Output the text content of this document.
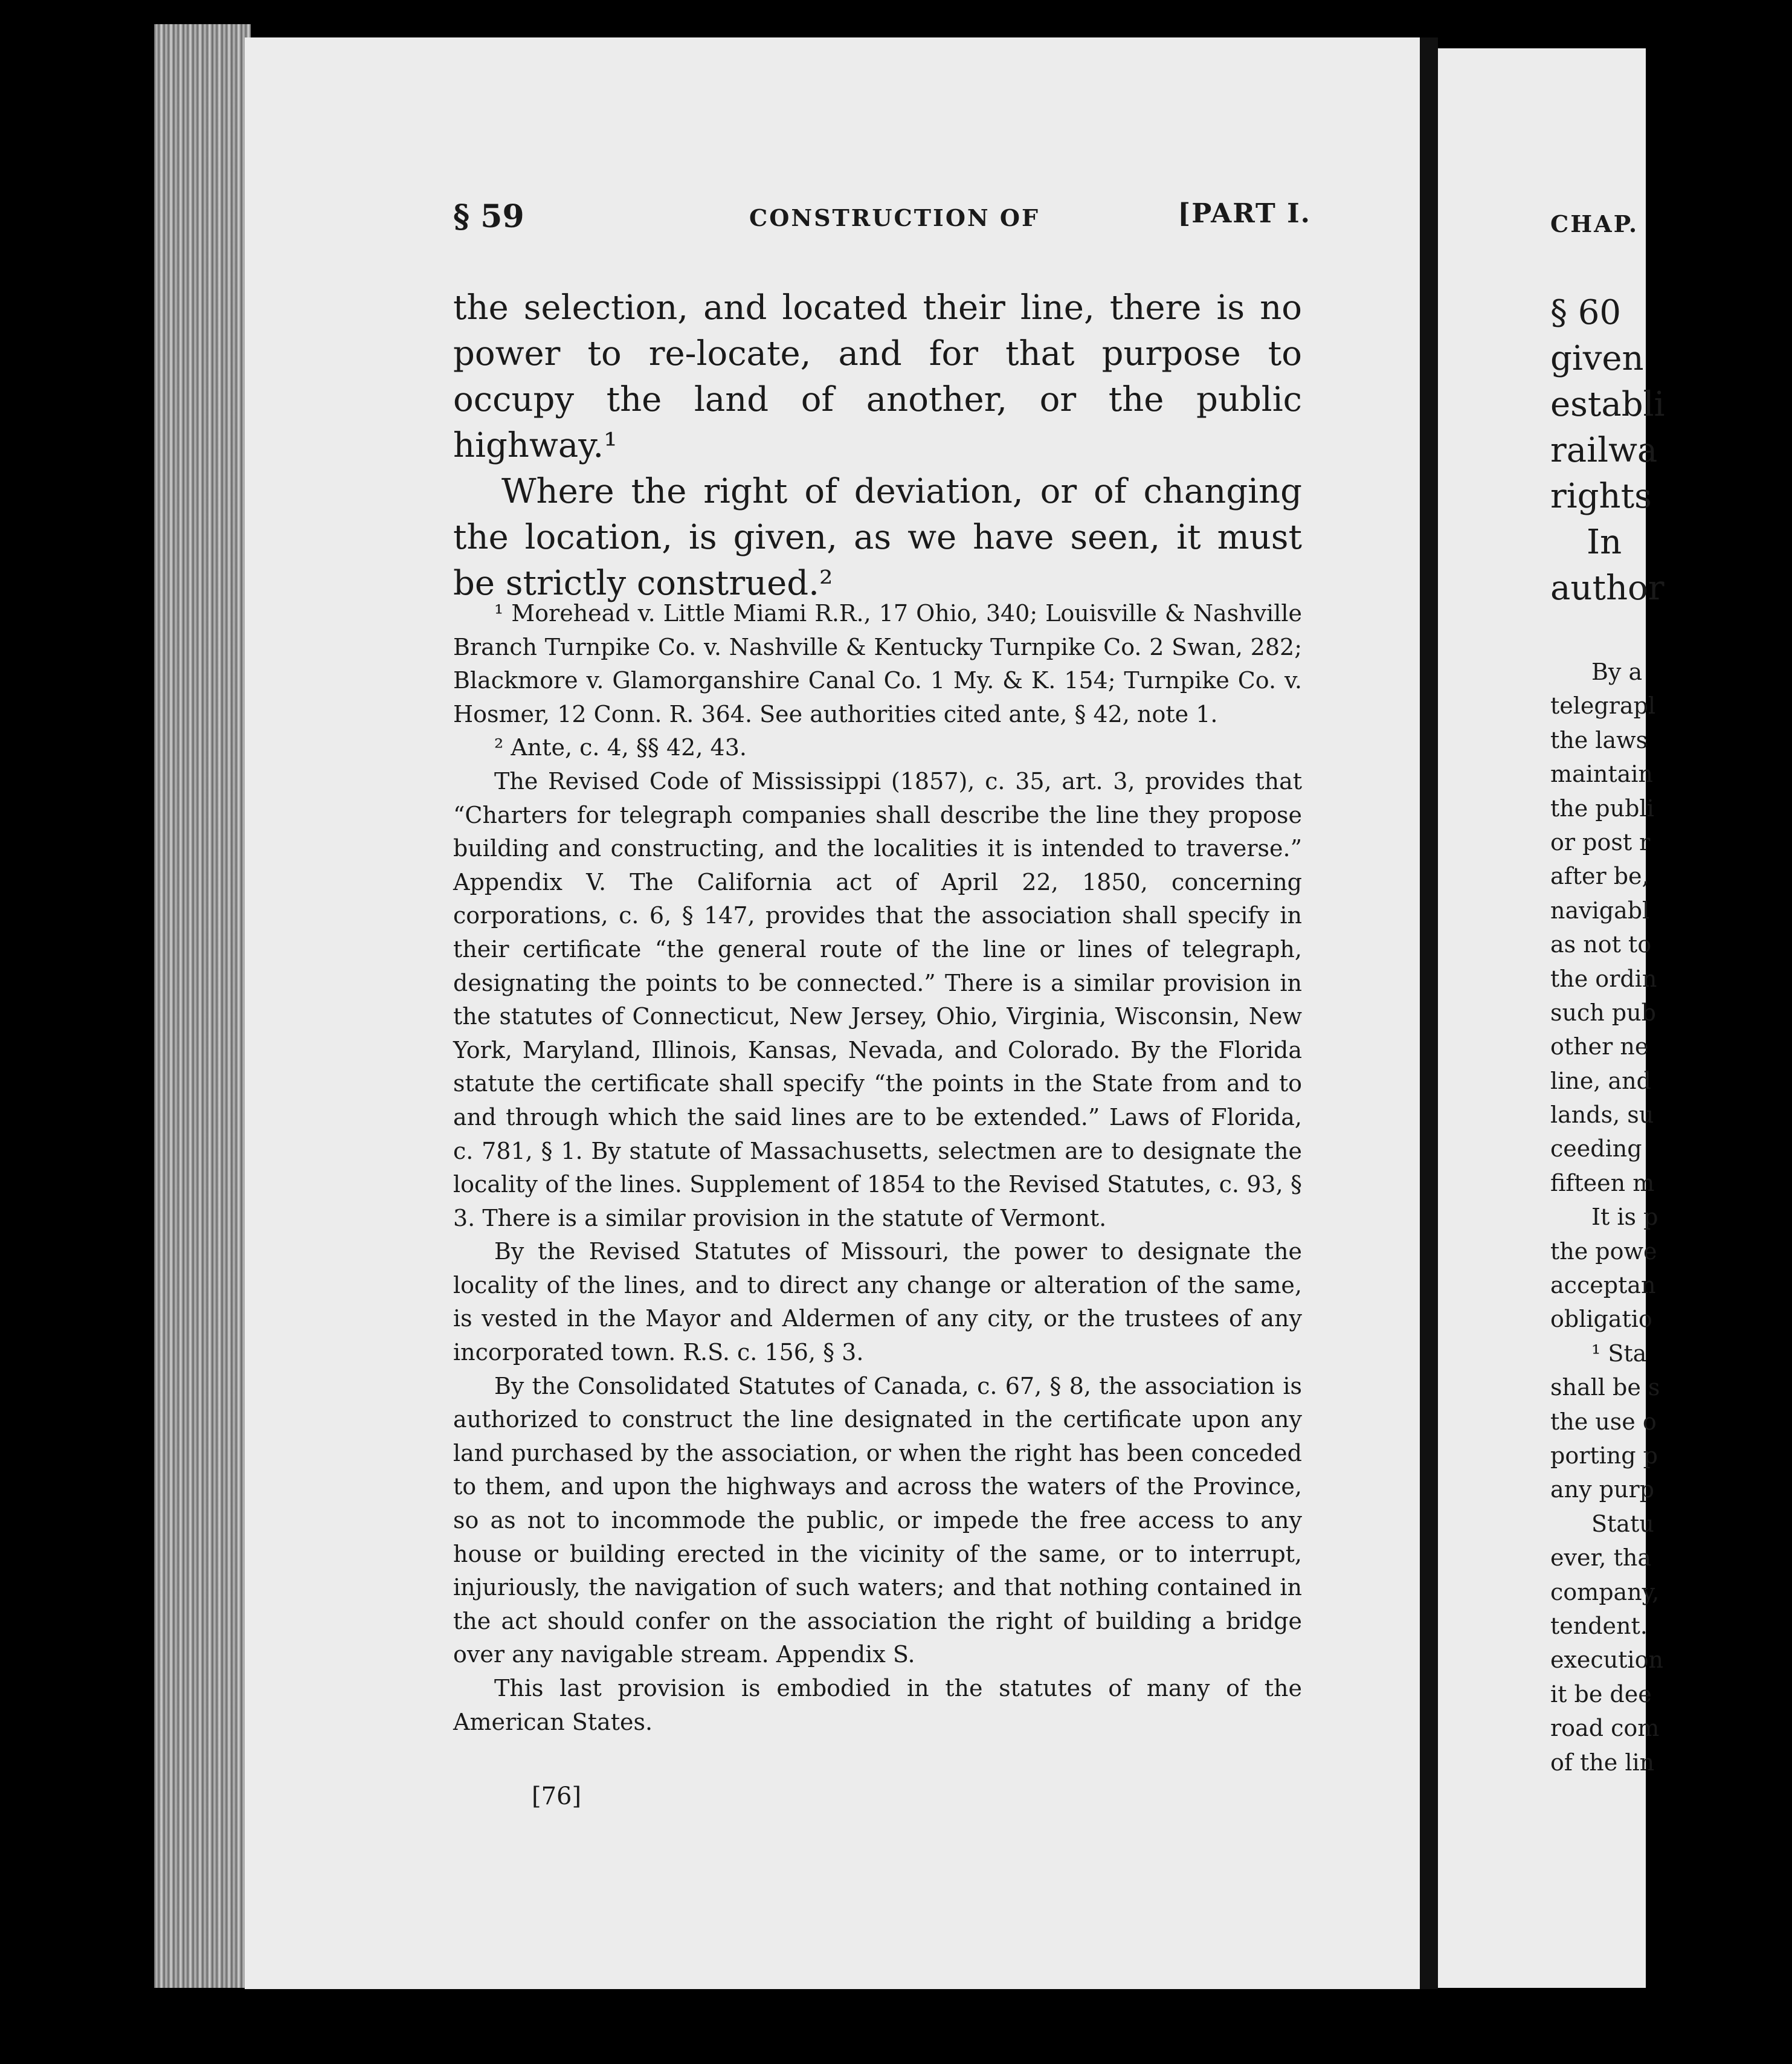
§ 59	CONSTRUCTION OF	[PART I.

the selection, and located their line, there is no power to re-locate, and for that purpose to occupy the land of another, or the public highway.¹

Where the right of deviation, or of changing the location, is given, as we have seen, it must be strictly construed.²

¹ Morehead v. Little Miami R.R., 17 Ohio, 340; Louisville & Nashville Branch Turnpike Co. v. Nashville & Kentucky Turnpike Co. 2 Swan, 282; Blackmore v. Glamorganshire Canal Co. 1 My. & K. 154; Turnpike Co. v. Hosmer, 12 Conn. R. 364. See authorities cited ante, § 42, note 1.

² Ante, c. 4, §§ 42, 43.

The Revised Code of Mississippi (1857), c. 35, art. 3, provides that “Charters for telegraph companies shall describe the line they propose building and constructing, and the localities it is intended to traverse.” Appendix V. The California act of April 22, 1850, concerning corporations, c. 6, § 147, provides that the association shall specify in their certificate “the general route of the line or lines of telegraph, designating the points to be connected.” There is a similar provision in the statutes of Connecticut, New Jersey, Ohio, Virginia, Wisconsin, New York, Maryland, Illinois, Kansas, Nevada, and Colorado. By the Florida statute the certificate shall specify “the points in the State from and to and through which the said lines are to be extended.” Laws of Florida, c. 781, § 1. By statute of Massachusetts, selectmen are to designate the locality of the lines. Supplement of 1854 to the Revised Statutes, c. 93, § 3. There is a similar provision in the statute of Vermont.

By the Revised Statutes of Missouri, the power to designate the locality of the lines, and to direct any change or alteration of the same, is vested in the Mayor and Aldermen of any city, or the trustees of any incorporated town. R.S. c. 156, § 3.

By the Consolidated Statutes of Canada, c. 67, § 8, the association is authorized to construct the line designated in the certificate upon any land purchased by the association, or when the right has been conceded to them, and upon the highways and across the waters of the Province, so as not to incommode the public, or impede the free access to any house or building erected in the vicinity of the same, or to interrupt, injuriously, the navigation of such waters; and that nothing contained in the act should confer on the association the right of building a bridge over any navigable stream. Appendix S.

This last provision is embodied in the statutes of many of the American States.

[76]
CHAP.
§ 60
given
establi
railwa
rights
In
author
By a
telegrapl
the laws
maintain
the publi
or post r
after be,
navigabl
as not to
the ordin
such pub
other ne
line, and
lands, su
ceeding
fifteen m
It is p
the powe
acceptan
obligatio
¹ Sta
shall be s
the use o
porting p
any purp
Statu
ever, tha
company,
tendent.
execution
it be dee
road com
of the lin
